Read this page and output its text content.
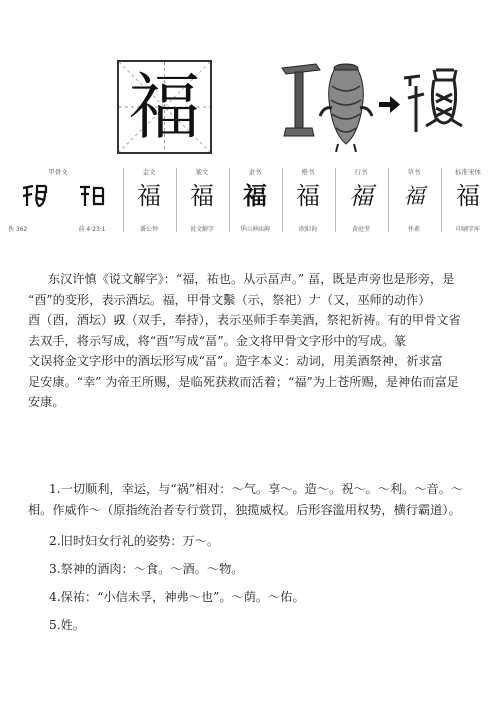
福
甲骨文
佚 362	前 4·23·1
金文
福
番公钟
篆文
福
说文解字
隶书
福
华山神庙碑
楷书
福
欧阳询
行书
福
黄庭坚
草书
福
怀素
标准宋体
福
印刷字库
东汉许慎《说文解字》：“福，祐也。从示畐声。” 畐，既是声旁也是形旁，是
“酉”的变形，表示酒坛。福，甲骨文𥛱（示，祭祀）𠂇（又，巫师的动作）
酉（酉，酒坛）𠬞（双手，奉持），表示巫师手奉美酒，祭祀祈祷。有的甲骨文省
去双手，将示写成，将“酉”写成“畐”。金文将甲骨文字形中的写成。篆
文误将金文字形中的酒坛形写成“畐”。造字本义：动词，用美酒祭神，祈求富
足安康。“幸” 为帝王所赐，是临死获救而活着；“福”为上苍所赐，是神佑而富足
安康。
1.一切顺利，幸运，与“祸”相对：～气。享～。造～。祝～。～利。～音。～
相。作威作～（原指统治者专行赏罚，独揽威权。后形容滥用权势，横行霸道）。
2.旧时妇女行礼的姿势：万～。
3.祭神的酒肉：～食。～酒。～物。
4.保祐：“小信未孚，神弗～也”。～荫。～佑。
5.姓。
